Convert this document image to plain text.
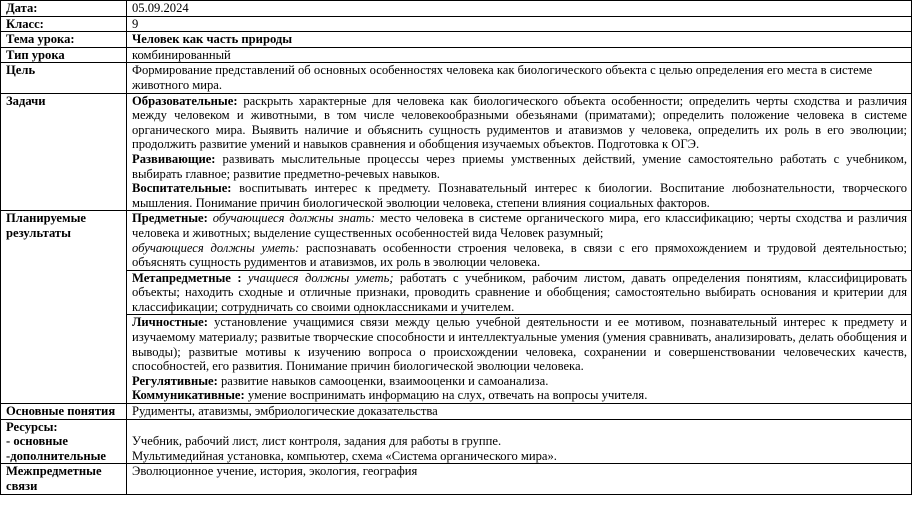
Дата:	05.09.2024
Класс:	9
Тема урока:	Человек как часть природы
Тип урока	комбинированный
Цель	Формирование представлений об основных особенностях человека как биологического объекта с целью определения его места в системе животного мира.
Задачи	Образовательные: раскрыть характерные для человека как биологического объекта особенности; определить черты сходства и различия между человеком и животными, в том числе человекообразными обезьянами (приматами); определить положение человека в системе органического мира. Выявить наличие и объяснить сущность рудиментов и атавизмов у человека, определить их роль в его эволюции; продолжить развитие умений и навыков сравнения и обобщения изучаемых объектов. Подготовка к ОГЭ.
Развивающие: развивать мыслительные процессы через приемы умственных действий, умение самостоятельно работать с учебником, выбирать главное; развитие предметно-речевых навыков.
Воспитательные: воспитывать интерес к предмету. Познавательный интерес к биологии. Воспитание любознательности, творческого мышления. Понимание причин биологической эволюции человека, степени влияния социальных факторов.

Планируемые результаты	Предметные: обучающиеся должны знать: место человека в системе органического мира, его классификацию; черты сходства и различия человека и животных; выделение существенных особенностей вида Человек разумный;
обучающиеся должны уметь: распознавать особенности строения человека, в связи с его прямохождением и трудовой деятельностью; объяснять сущность рудиментов и атавизмов, их роль в эволюции человека.

	Метапредметные : учащиеся должны уметь; работать с учебником, рабочим листом, давать определения понятиям, классифицировать объекты; находить сходные и отличные признаки, проводить сравнение и обобщения; самостоятельно выбирать основания и критерии для классификации; сотрудничать со своими одноклассниками и учителем.

	Личностные: установление учащимися связи между целью учебной деятельности и ее мотивом, познавательный интерес к предмету и изучаемому материалу; развитые творческие способности и интеллектуальные умения (умения сравнивать, анализировать, делать обобщения и выводы); развитые мотивы к изучению вопроса о происхождении человека, сохранении и совершенствовании человеческих качеств, способностей, его развития. Понимание причин биологической эволюции человека.
Регулятивные: развитие навыков самооценки, взаимооценки и самоанализа.
Коммуникативные: умение воспринимать информацию на слух, отвечать на вопросы учителя.

Основные понятия	Рудименты, атавизмы, эмбриологические доказательства

Ресурсы:
- основные
-дополнительные	Учебник, рабочий лист, лист контроля, задания для работы в группе.
Мультимедийная установка, компьютер, схема «Система органического мира».

Межпредметные связи	Эволюционное учение, история, экология, география
